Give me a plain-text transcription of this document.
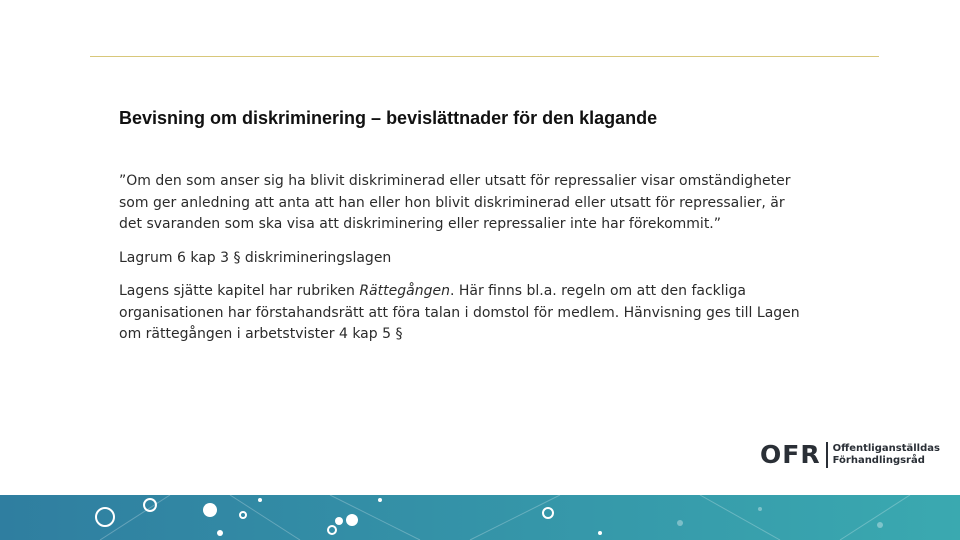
Bevisning om diskriminering – bevislättnader för den klagande

”Om den som anser sig ha blivit diskriminerad eller utsatt för repressalier visar omständigheter som ger anledning att anta att han eller hon blivit diskriminerad eller utsatt för repressalier, är det svaranden som ska visa att diskriminering eller repressalier inte har förekommit.”

Lagrum 6 kap 3 § diskrimineringslagen

Lagens sjätte kapitel har rubriken Rättegången. Här finns bl.a. regeln om att den fackliga organisationen har förstahandsrätt att föra talan i domstol för medlem. Hänvisning ges till Lagen om rättegången i arbetstvister 4 kap 5 §

OFR Offentliganställdas
Förhandlingsråd
